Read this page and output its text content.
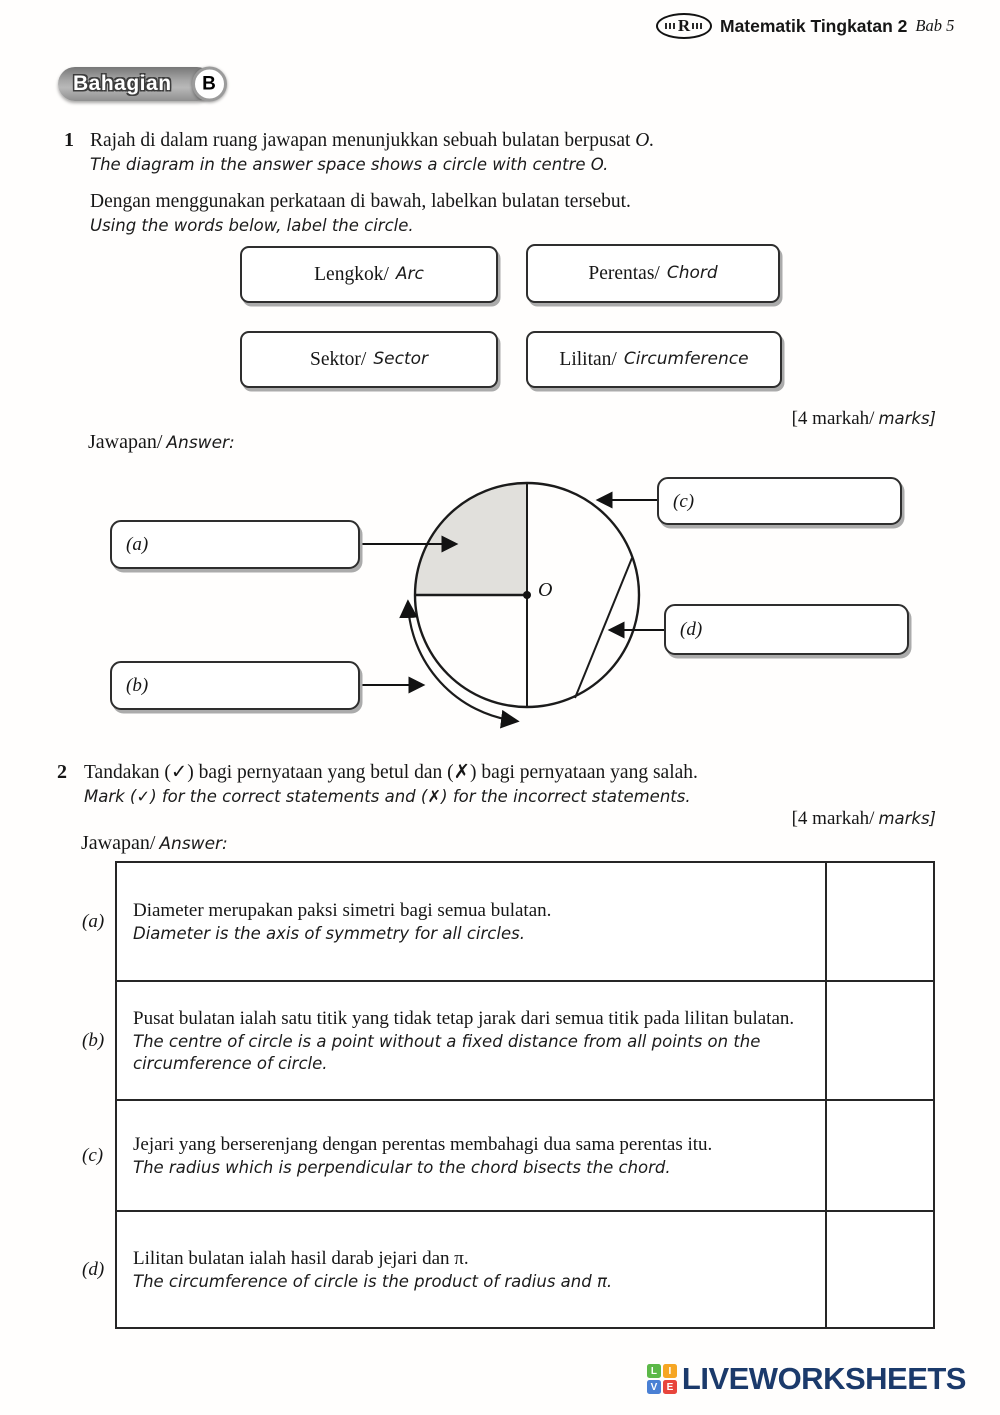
R Matematik Tingkatan 2 Bab 5
Bahagian	B
1 Rajah di dalam ruang jawapan menunjukkan sebuah bulatan berpusat O.

The diagram in the answer space shows a circle with centre O.

Dengan menggunakan perkataan di bawah, labelkan bulatan tersebut.

Using the words below, label the circle.

Lengkok/ Arc	Perentas/ Chord
Sektor/ Sector	Lilitan/ Circumference
[4 markah/ marks]
Jawapan/ Answer:
O
(a)
(b)
(c)
(d)
2 Tandakan (✓) bagi pernyataan yang betul dan (✗) bagi pernyataan yang salah.

Mark (✓) for the correct statements and (✗) for the incorrect statements.

[4 markah/ marks]
Jawapan/ Answer:
(a)

Diameter merupakan paksi simetri bagi semua bulatan.

Diameter is the axis of symmetry for all circles.

(b)

Pusat bulatan ialah satu titik yang tidak tetap jarak dari semua titik pada lilitan bulatan.

The centre of circle is a point without a fixed distance from all points on the circumference of circle.

(c)

Jejari yang berserenjang dengan perentas membahagi dua sama perentas itu.

The radius which is perpendicular to the chord bisects the chord.

(d)

Lilitan bulatan ialah hasil darab jejari dan π.

The circumference of circle is the product of radius and π.

L	I
V E LIVEWORKSHEETS
